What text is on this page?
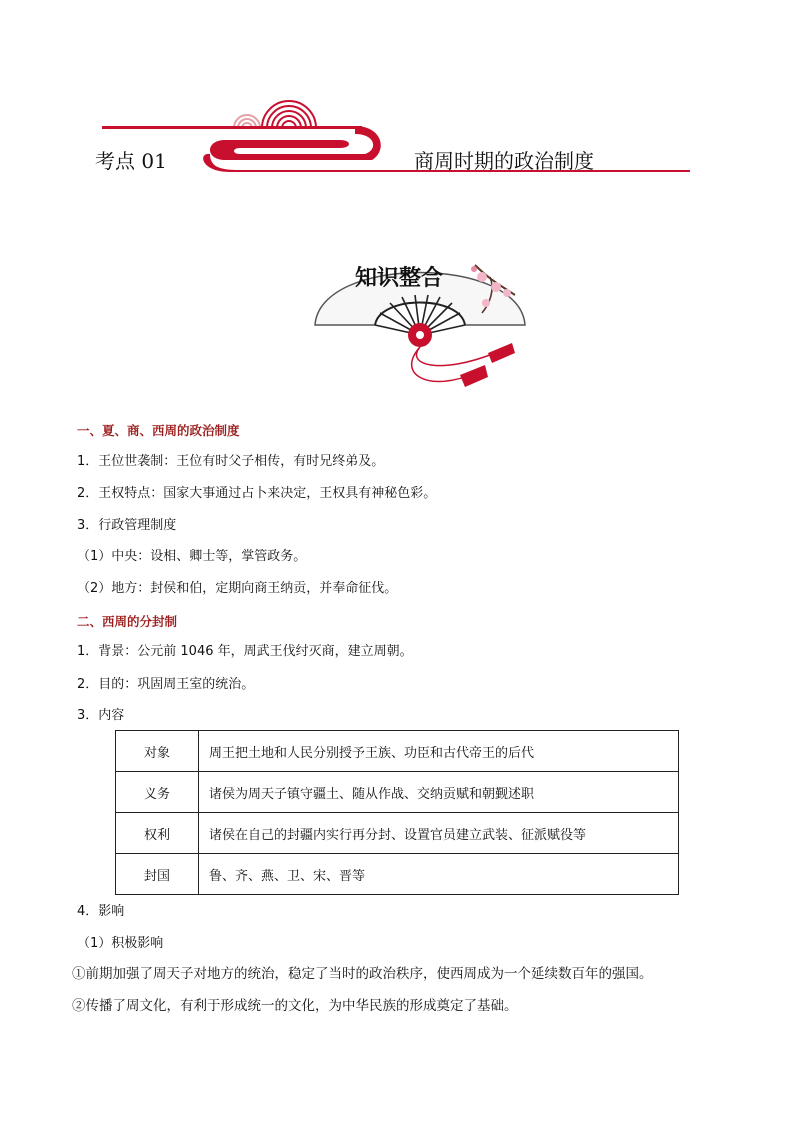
考点 01	商周时期的政治制度
知识整合
一、夏、商、西周的政治制度
1．王位世袭制：王位有时父子相传，有时兄终弟及。
2．王权特点：国家大事通过占卜来决定，王权具有神秘色彩。
3．行政管理制度
（1）中央：设相、卿士等，掌管政务。
（2）地方：封侯和伯，定期向商王纳贡，并奉命征伐。
二、西周的分封制
1．背景：公元前 1046 年，周武王伐纣灭商，建立周朝。
2．目的：巩固周王室的统治。
3．内容
对象	周王把土地和人民分别授予王族、功臣和古代帝王的后代
义务	诸侯为周天子镇守疆土、随从作战、交纳贡赋和朝觐述职
权利	诸侯在自己的封疆内实行再分封、设置官员建立武装、征派赋役等
封国	鲁、齐、燕、卫、宋、晋等
4．影响
（1）积极影响
①前期加强了周天子对地方的统治，稳定了当时的政治秩序，使西周成为一个延续数百年的强国。
②传播了周文化，有利于形成统一的文化，为中华民族的形成奠定了基础。
